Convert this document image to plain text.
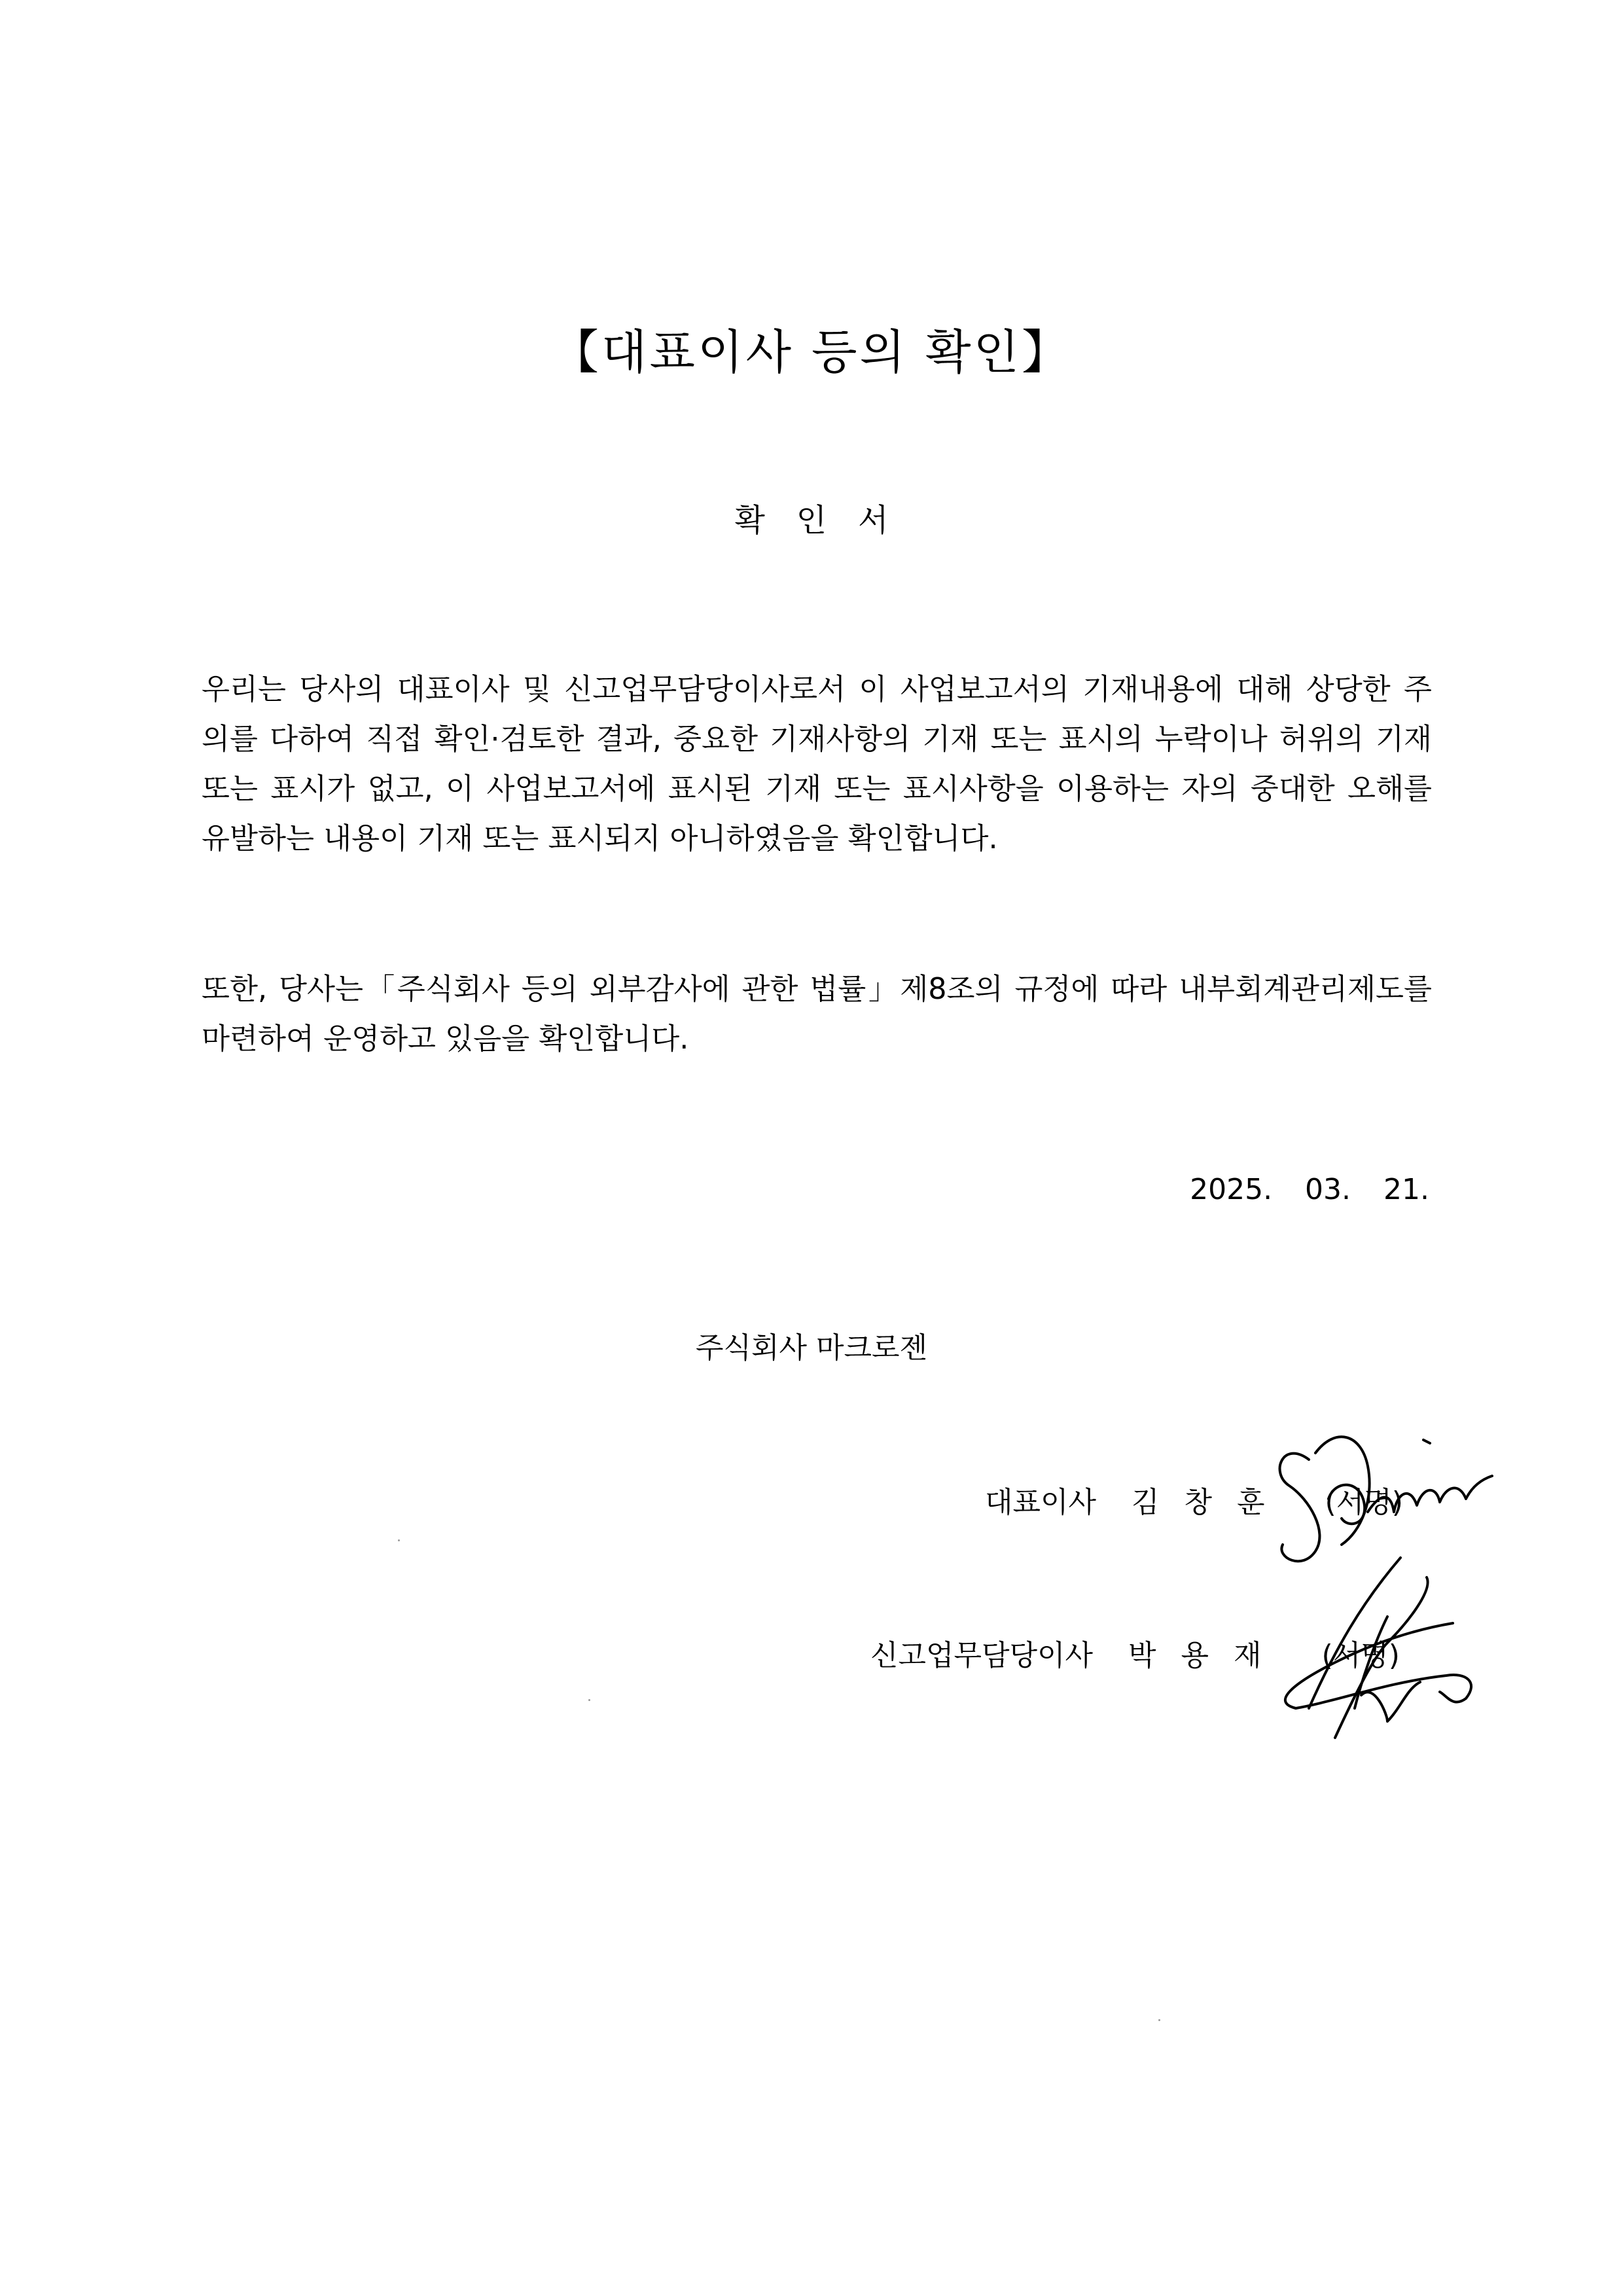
【대표이사 등의 확인】
확인서
우리는 당사의 대표이사 및 신고업무담당이사로서 이 사업보고서의 기재내용에 대해 상당한 주
의를 다하여 직접 확인·검토한 결과, 중요한 기재사항의 기재 또는 표시의 누락이나 허위의 기재
또는 표시가 없고, 이 사업보고서에 표시된 기재 또는 표시사항을 이용하는 자의 중대한 오해를
유발하는 내용이 기재 또는 표시되지 아니하였음을 확인합니다.
또한, 당사는「주식회사 등의 외부감사에 관한 법률」제8조의 규정에 따라 내부회계관리제도를
마련하여 운영하고 있음을 확인합니다.
2025. 03. 21.
주식회사 마크로젠
대표이사 김창훈 (서명)
신고업무담당이사 박용재 (서명)
